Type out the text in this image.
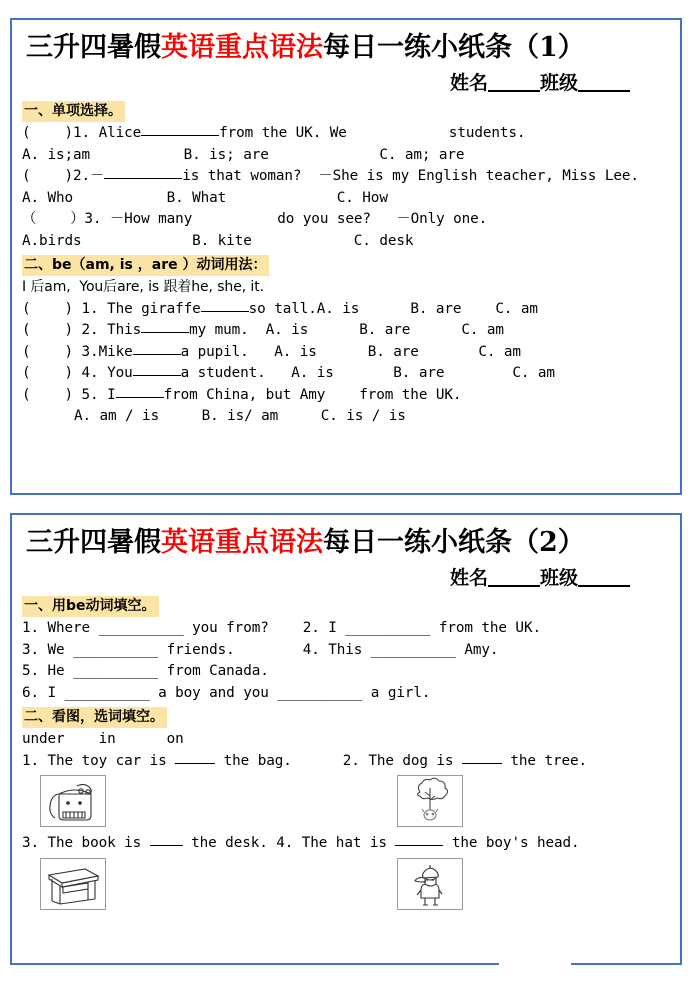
三升四暑假英语重点语法每日一练小纸条（1）
姓名	班级
一、单项选择。
(    )1. Alice	from the UK. We            students.
A. is;am           B. is; are             C. am; are
(    )2.－	is that woman?  －She is my English teacher, Miss Lee.
A. Who           B. What             C. How
（    ）3. －How many          do you see?   －Only one.
A.birds             B. kite            C. desk
二、be（am, is ，are ）动词用法：
I 后am,  You后are, is 跟着he, she, it.
(    ) 1. The giraffe	so tall.A. is      B. are    C. am
(    ) 2. This	my mum.  A. is      B. are      C. am
(    ) 3.Mike	a pupil.   A. is      B. are       C. am
(    ) 4. You	a student.   A. is       B. are        C. am
(    ) 5. I	from China, but Amy    from the UK.
A. am / is     B. is/ am     C. is / is
三升四暑假英语重点语法每日一练小纸条（2）
姓名	班级
一、用be动词填空。
1. Where __________ you from? 2. I __________ from the UK.
3. We __________ friends.	4. This __________ Amy.
5. He __________ from Canada.
6. I __________ a boy and you __________ a girl.
二、看图，选词填空。
under    in      on
1. The toy car is	the bag.	2. The dog is	the tree.
3. The book is	the desk. 4. The hat is	the boy's head.
